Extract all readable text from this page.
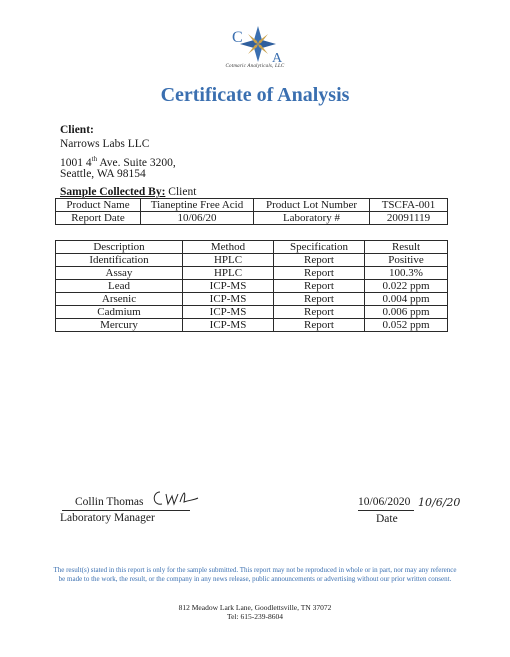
C
A
Cotmaric Analyticals, LLC
Certificate of Analysis
Client:
Narrows Labs LLC
1001 4th Ave. Suite 3200,
Seattle, WA 98154
Sample Collected By: Client
Product Name	Tianeptine Free Acid	Product Lot Number	TSCFA-001
Report Date	10/06/20	Laboratory #	20091119
Description	Method	Specification	Result
Identification	HPLC	Report	Positive
Assay	HPLC	Report	100.3%
Lead	ICP-MS	Report	0.022 ppm
Arsenic	ICP-MS	Report	0.004 ppm
Cadmium	ICP-MS	Report	0.006 ppm
Mercury	ICP-MS	Report	0.052 ppm
Collin Thomas
Laboratory Manager
10/06/2020 10/6/20
Date
The result(s) stated in this report is only for the sample submitted. This report may not be reproduced in whole or in part, nor may any reference be made to the work, the result, or the company in any news release, public announcements or advertising without our prior written consent.
812 Meadow Lark Lane, Goodlettsville, TN 37072
Tel: 615-239-8604
